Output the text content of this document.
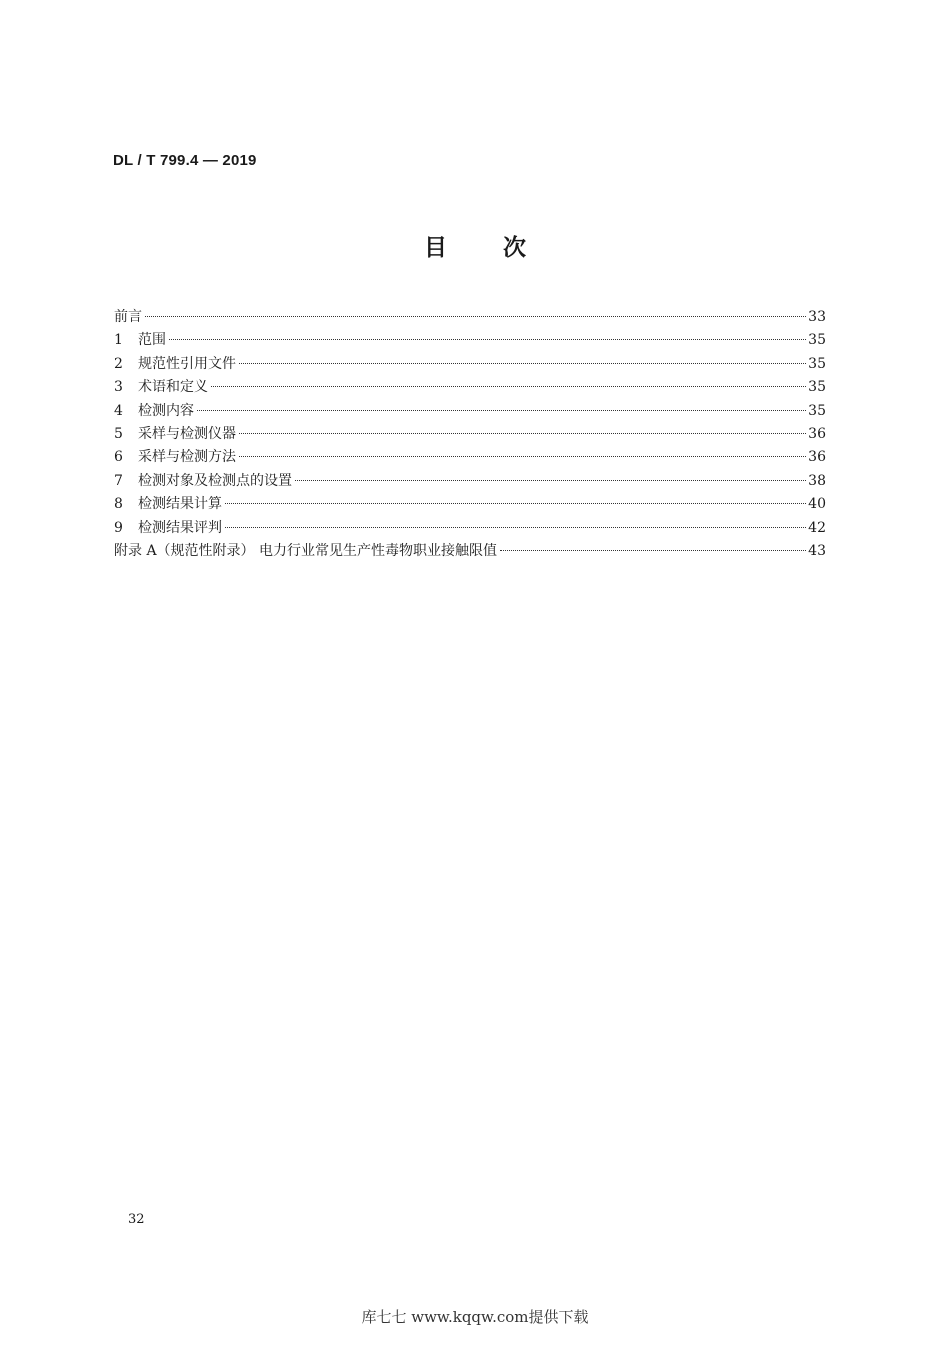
DL / T 799.4 — 2019
目 次
前言	33
1	范围	35
2	规范性引用文件	35
3	术语和定义	35
4	检测内容	35
5	采样与检测仪器	36
6	采样与检测方法	36
7	检测对象及检测点的设置	38
8	检测结果计算	40
9	检测结果评判	42
附录 A（规范性附录） 电力行业常见生产性毒物职业接触限值	43
32
库七七 www.kqqw.com提供下载
